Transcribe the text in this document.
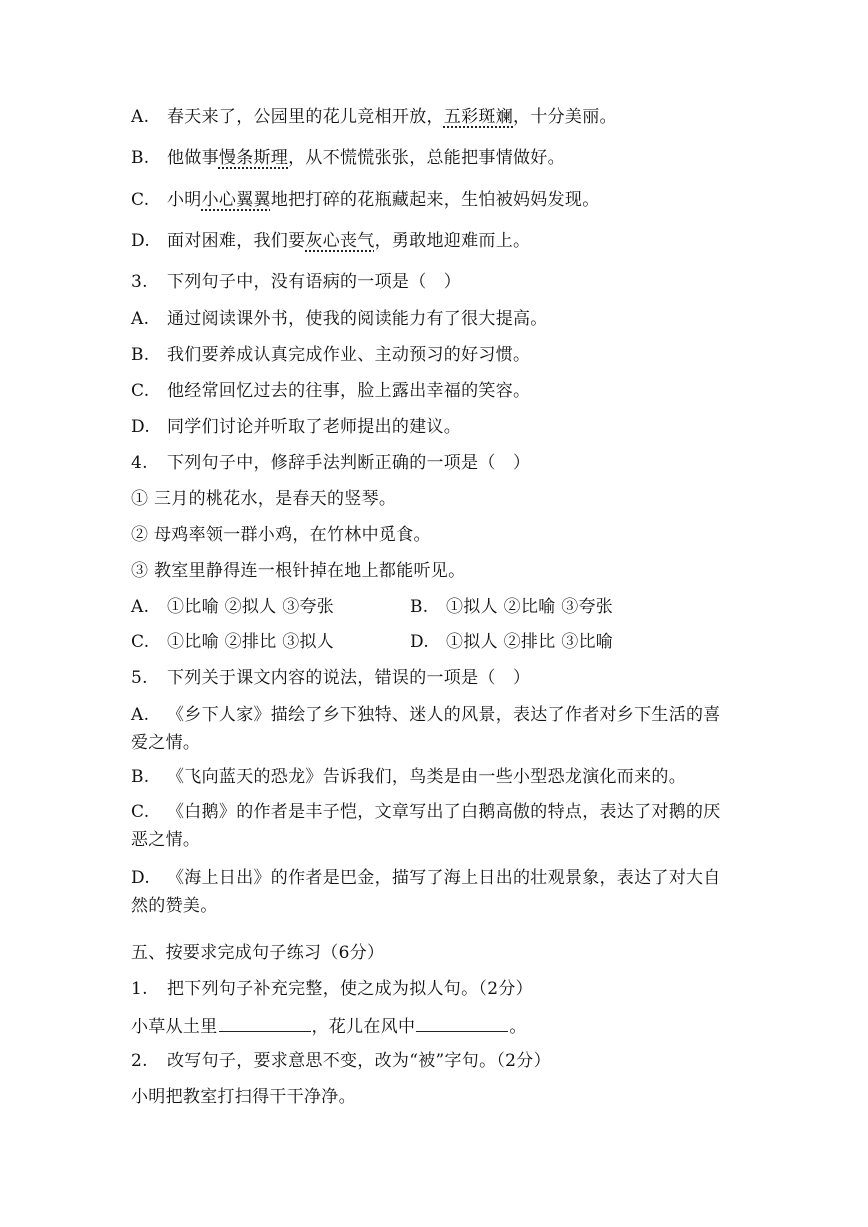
A. 春天来了，公园里的花儿竞相开放，五彩斑斓，十分美丽。
B. 他做事慢条斯理，从不慌慌张张，总能把事情做好。
C. 小明小心翼翼地把打碎的花瓶藏起来，生怕被妈妈发现。
D. 面对困难，我们要灰心丧气，勇敢地迎难而上。
3. 下列句子中，没有语病的一项是（　）
A. 通过阅读课外书，使我的阅读能力有了很大提高。
B. 我们要养成认真完成作业、主动预习的好习惯。
C. 他经常回忆过去的往事，脸上露出幸福的笑容。
D. 同学们讨论并听取了老师提出的建议。
4. 下列句子中，修辞手法判断正确的一项是（　）
① 三月的桃花水，是春天的竖琴。
② 母鸡率领一群小鸡，在竹林中觅食。
③ 教室里静得连一根针掉在地上都能听见。
A. ①比喻 ②拟人 ③夸张	B. ①拟人 ②比喻 ③夸张
C. ①比喻 ②排比 ③拟人	D. ①拟人 ②排比 ③比喻
5. 下列关于课文内容的说法，错误的一项是（　）
A. 《乡下人家》描绘了乡下独特、迷人的风景，表达了作者对乡下生活的喜
爱之情。
B. 《飞向蓝天的恐龙》告诉我们，鸟类是由一些小型恐龙演化而来的。
C. 《白鹅》的作者是丰子恺，文章写出了白鹅高傲的特点，表达了对鹅的厌
恶之情。
D. 《海上日出》的作者是巴金，描写了海上日出的壮观景象，表达了对大自
然的赞美。
五、按要求完成句子练习（6分）
1. 把下列句子补充完整，使之成为拟人句。（2分）
小草从土里	，花儿在风中	。
2. 改写句子，要求意思不变，改为“被”字句。（2分）
小明把教室打扫得干干净净。
